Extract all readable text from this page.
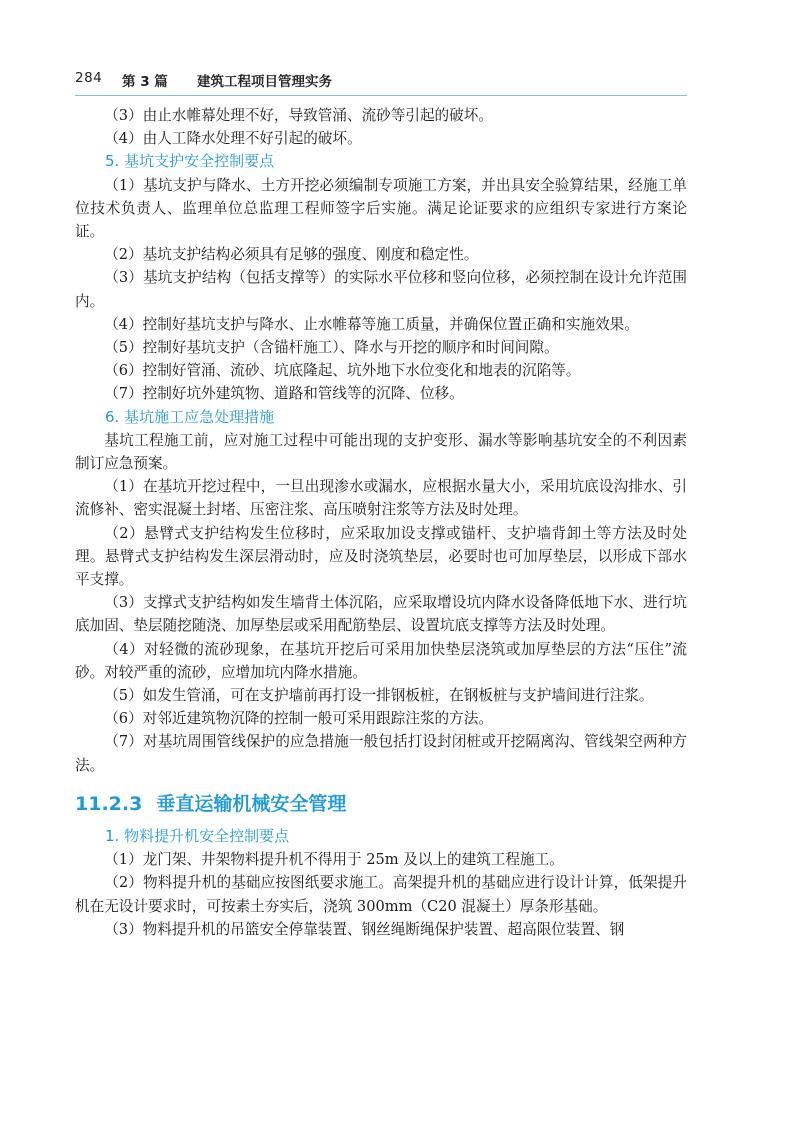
284 第 3 篇 建筑工程项目管理实务

（3）由止水帷幕处理不好，导致管涌、流砂等引起的破坏。

（4）由人工降水处理不好引起的破坏。

5. 基坑支护安全控制要点

（1）基坑支护与降水、土方开挖必须编制专项施工方案，并出具安全验算结果，经施工单位技术负责人、监理单位总监理工程师签字后实施。满足论证要求的应组织专家进行方案论证。

（2）基坑支护结构必须具有足够的强度、刚度和稳定性。

（3）基坑支护结构（包括支撑等）的实际水平位移和竖向位移，必须控制在设计允许范围内。

（4）控制好基坑支护与降水、止水帷幕等施工质量，并确保位置正确和实施效果。

（5）控制好基坑支护（含锚杆施工）、降水与开挖的顺序和时间间隙。

（6）控制好管涌、流砂、坑底隆起、坑外地下水位变化和地表的沉陷等。

（7）控制好坑外建筑物、道路和管线等的沉降、位移。

6. 基坑施工应急处理措施

基坑工程施工前，应对施工过程中可能出现的支护变形、漏水等影响基坑安全的不利因素制订应急预案。

（1）在基坑开挖过程中，一旦出现渗水或漏水，应根据水量大小，采用坑底设沟排水、引流修补、密实混凝土封堵、压密注浆、高压喷射注浆等方法及时处理。

（2）悬臂式支护结构发生位移时，应采取加设支撑或锚杆、支护墙背卸土等方法及时处理。悬臂式支护结构发生深层滑动时，应及时浇筑垫层，必要时也可加厚垫层，以形成下部水平支撑。

（3）支撑式支护结构如发生墙背土体沉陷，应采取增设坑内降水设备降低地下水、进行坑底加固、垫层随挖随浇、加厚垫层或采用配筋垫层、设置坑底支撑等方法及时处理。

（4）对轻微的流砂现象，在基坑开挖后可采用加快垫层浇筑或加厚垫层的方法“压住”流砂。对较严重的流砂，应增加坑内降水措施。

（5）如发生管涌，可在支护墙前再打设一排钢板桩，在钢板桩与支护墙间进行注浆。

（6）对邻近建筑物沉降的控制一般可采用跟踪注浆的方法。

（7）对基坑周围管线保护的应急措施一般包括打设封闭桩或开挖隔离沟、管线架空两种方法。

11.2.3 垂直运输机械安全管理
1. 物料提升机安全控制要点

（1）龙门架、井架物料提升机不得用于 25m 及以上的建筑工程施工。

（2）物料提升机的基础应按图纸要求施工。高架提升机的基础应进行设计计算，低架提升机在无设计要求时，可按素土夯实后，浇筑 300mm（C20 混凝土）厚条形基础。

（3）物料提升机的吊篮安全停靠装置、钢丝绳断绳保护装置、超高限位装置、钢
